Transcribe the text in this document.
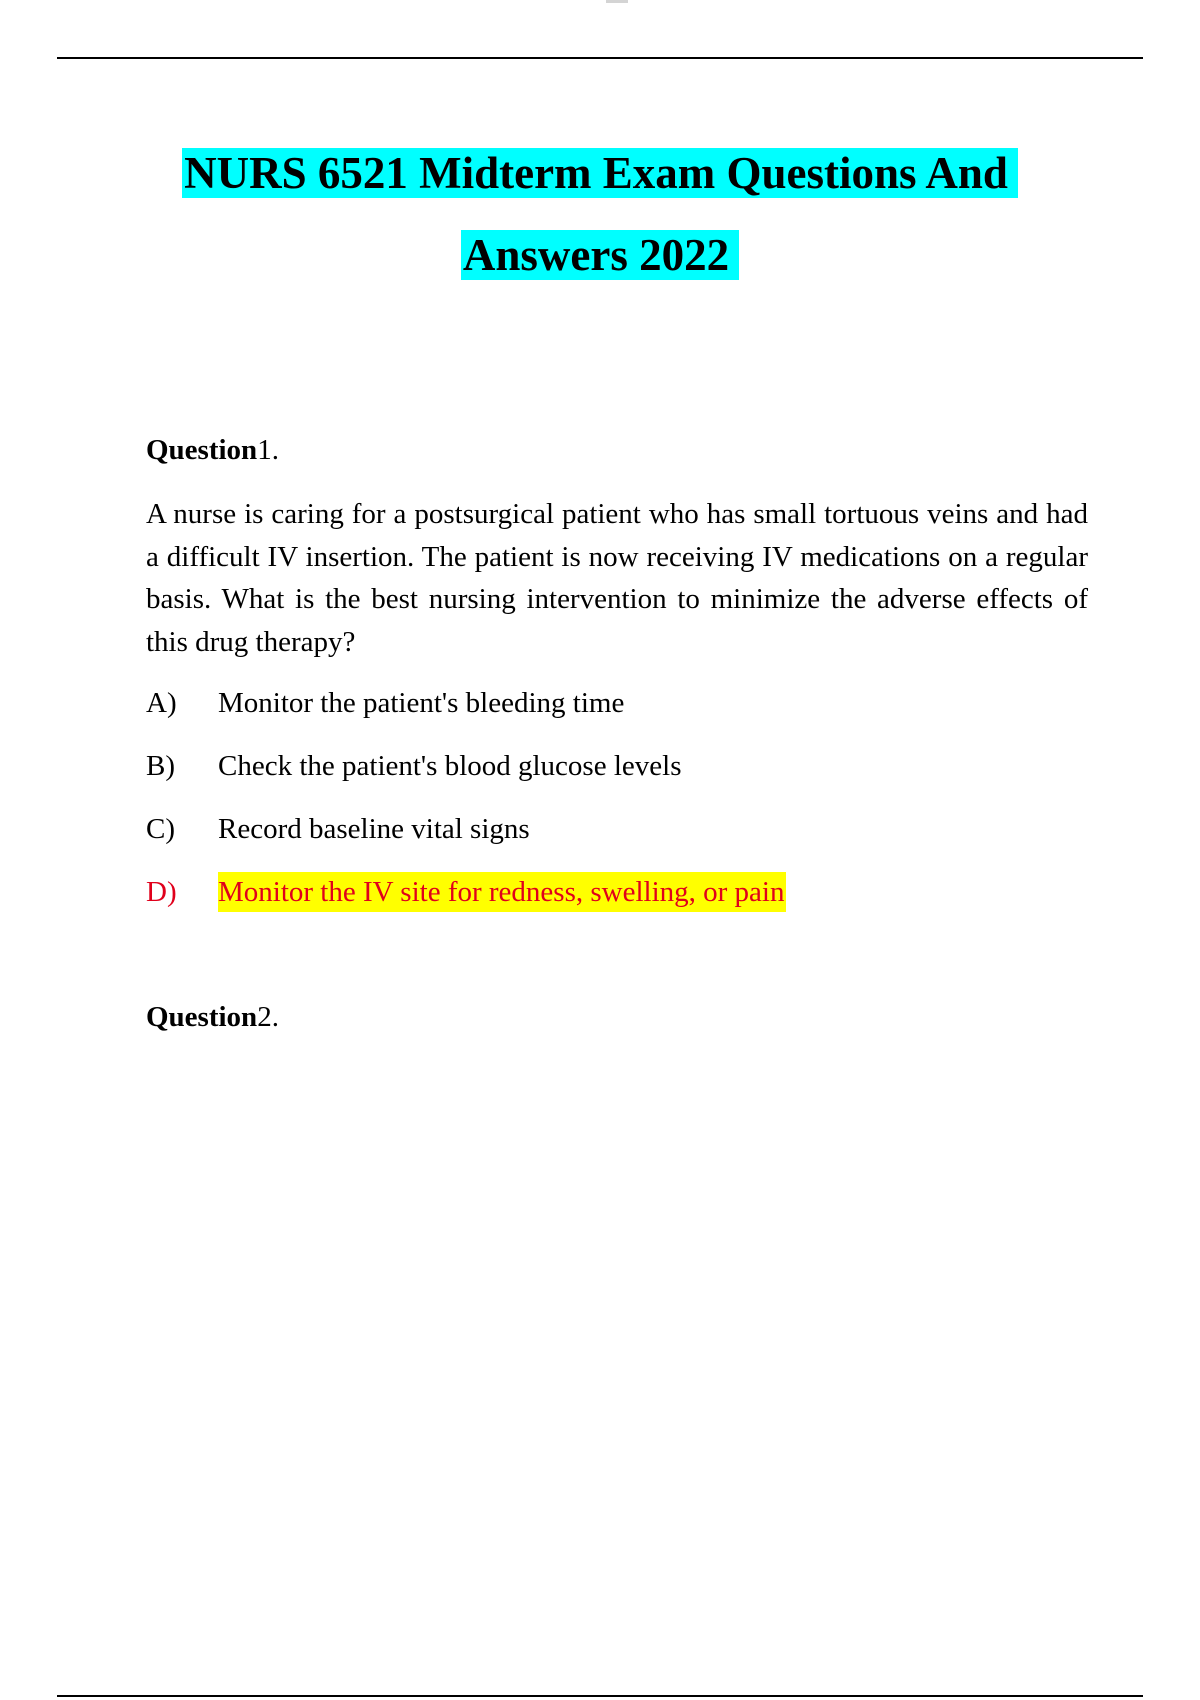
NURS 6521 Midterm Exam Questions And
Answers 2022
Question1.
A nurse is caring for a postsurgical patient who has small tortuous veins and had a difficult IV insertion. The patient is now receiving IV medications on a regular basis. What is the best nursing intervention to minimize the adverse effects of this drug therapy?
A) Monitor the patient's bleeding time
B) Check the patient's blood glucose levels
C) Record baseline vital signs
D) Monitor the IV site for redness, swelling, or pain
Question2.
